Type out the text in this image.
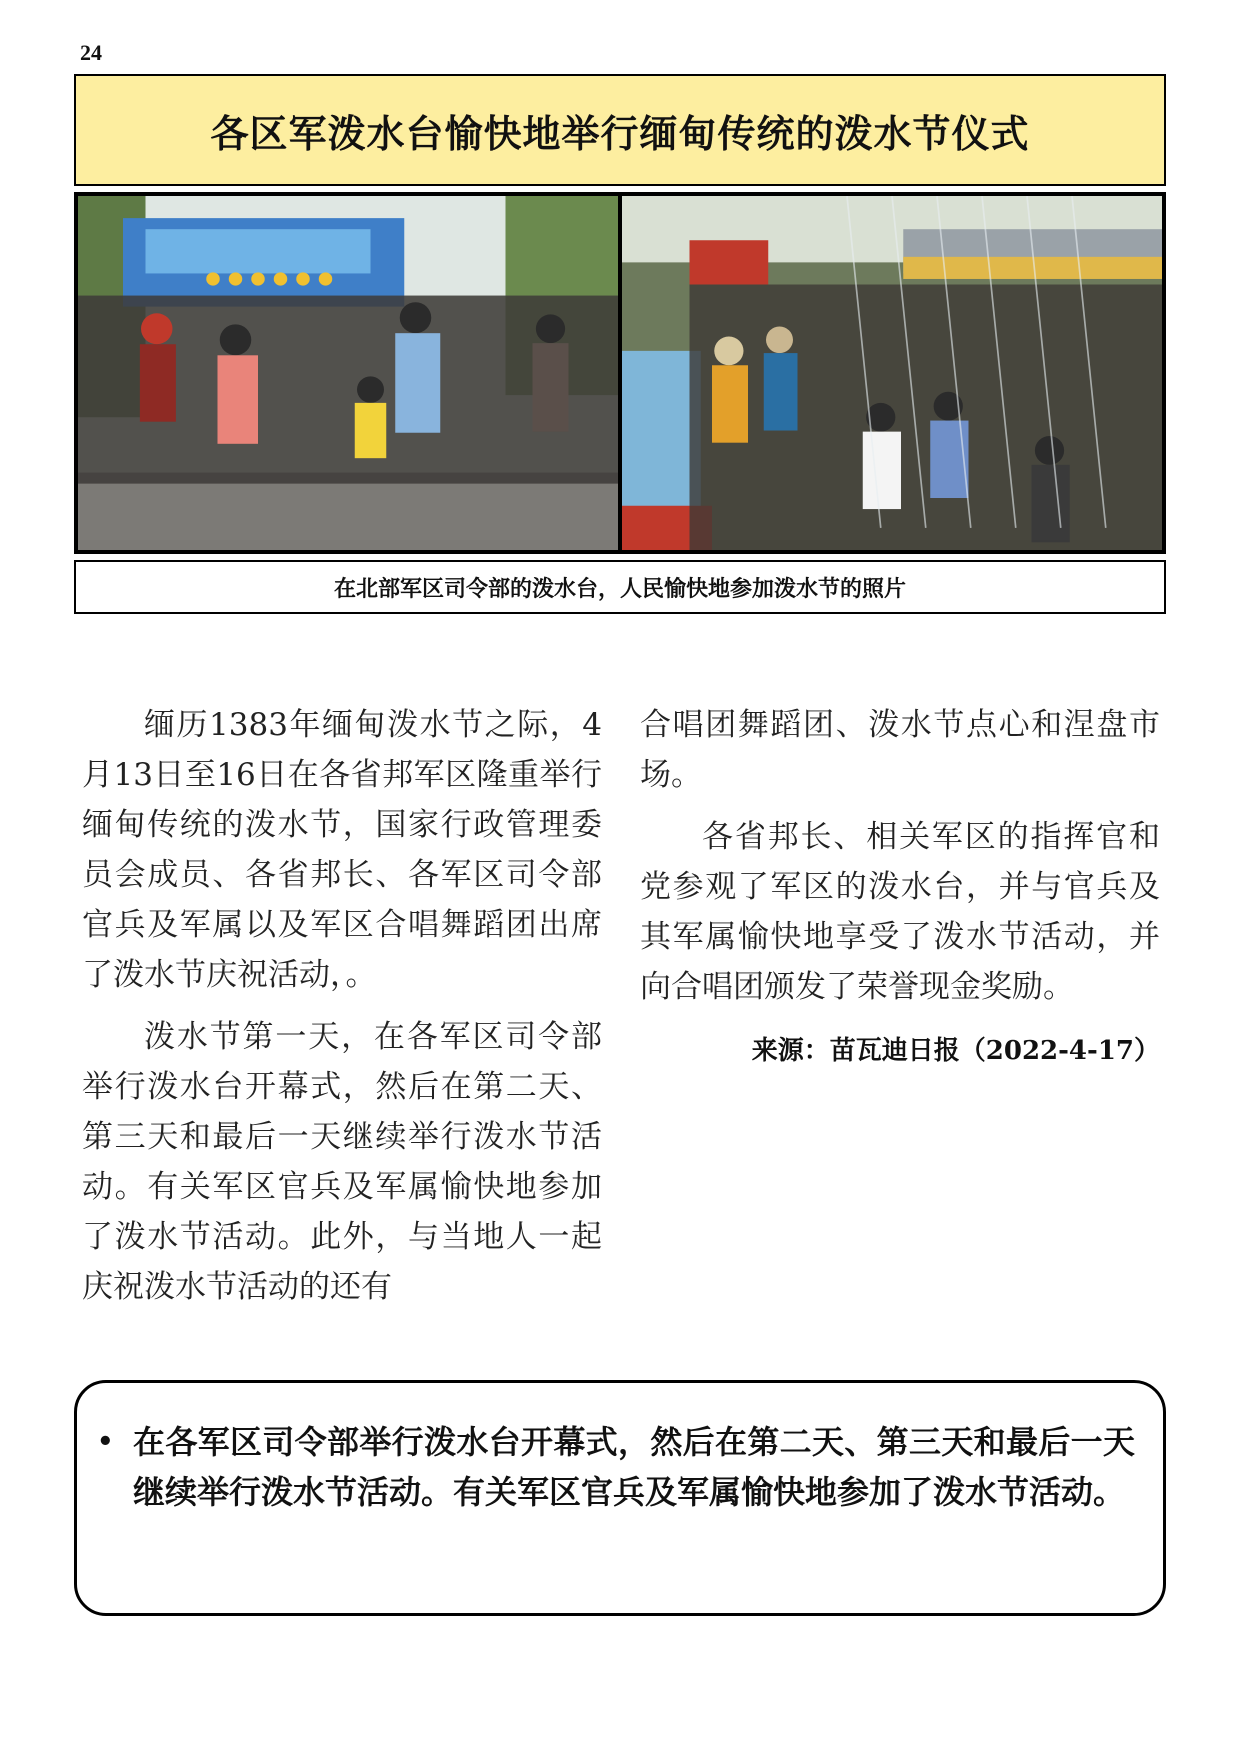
24
各区军泼水台愉快地举行缅甸传统的泼水节仪式
在北部军区司令部的泼水台，人民愉快地参加泼水节的照片

缅历1383年缅甸泼水节之际，4月13日至16日在各省邦军区隆重举行缅甸传统的泼水节，国家行政管理委员会成员、各省邦长、各军区司令部官兵及军属以及军区合唱舞蹈团出席了泼水节庆祝活动，。

泼水节第一天，在各军区司令部举行泼水台开幕式，然后在第二天、第三天和最后一天继续举行泼水节活动。有关军区官兵及军属愉快地参加了泼水节活动。此外，与当地人一起庆祝泼水节活动的还有

合唱团舞蹈团、泼水节点心和涅盘市场。

各省邦长、相关军区的指挥官和党参观了军区的泼水台，并与官兵及其军属愉快地享受了泼水节活动，并向合唱团颁发了荣誉现金奖励。

来源：苗瓦迪日报（2022-4-17）
• 在各军区司令部举行泼水台开幕式，然后在第二天、第三天和最后一天继续举行泼水节活动。有关军区官兵及军属愉快地参加了泼水节活动。
